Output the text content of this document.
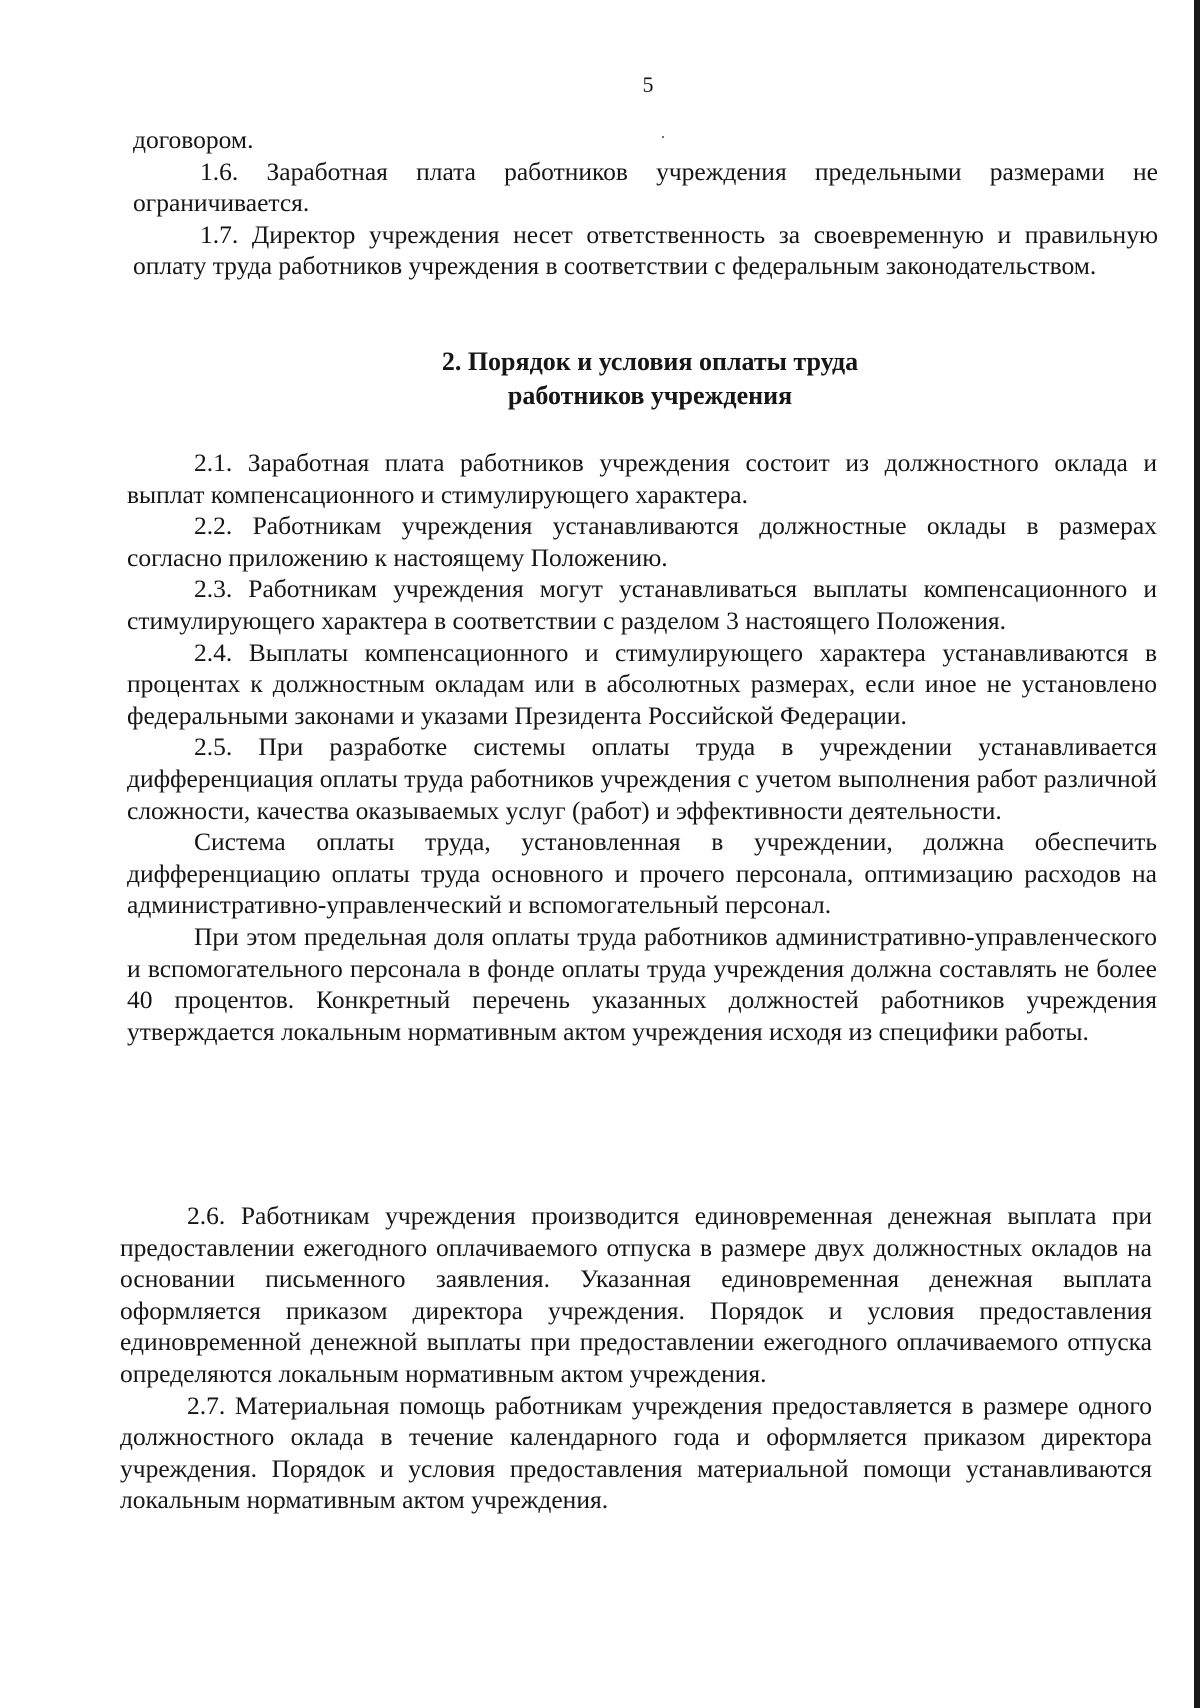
5

договором.

1.6. Заработная плата работников учреждения предельными размерами не ограничивается.

1.7. Директор учреждения несет ответственность за своевременную и правильную оплату труда работников учреждения в соответствии с федеральным законодательством.

2. Порядок и условия оплаты труда
работников учреждения

2.1. Заработная плата работников учреждения состоит из должностного оклада и выплат компенсационного и стимулирующего характера.

2.2. Работникам учреждения устанавливаются должностные оклады в размерах согласно приложению к настоящему Положению.

2.3. Работникам учреждения могут устанавливаться выплаты компенсационного и стимулирующего характера в соответствии с разделом 3 настоящего Положения.

2.4. Выплаты компенсационного и стимулирующего характера устанавливаются в процентах к должностным окладам или в абсолютных размерах, если иное не установлено федеральными законами и указами Президента Российской Федерации.

2.5. При разработке системы оплаты труда в учреждении устанавливается дифференциация оплаты труда работников учреждения с учетом выполнения работ различной сложности, качества оказываемых услуг (работ) и эффективности деятельности.

Система оплаты труда, установленная в учреждении, должна обеспечить дифференциацию оплаты труда основного и прочего персонала, оптимизацию расходов на административно-управленческий и вспомогательный персонал.

При этом предельная доля оплаты труда работников административно-управленческого и вспомогательного персонала в фонде оплаты труда учреждения должна составлять не более 40 процентов. Конкретный перечень указанных должностей работников учреждения утверждается локальным нормативным актом учреждения исходя из специфики работы.

2.6. Работникам учреждения производится единовременная денежная выплата при предоставлении ежегодного оплачиваемого отпуска в размере двух должностных окладов на основании письменного заявления. Указанная единовременная денежная выплата оформляется приказом директора учреждения. Порядок и условия предоставления единовременной денежной выплаты при предоставлении ежегодного оплачиваемого отпуска определяются локальным нормативным актом учреждения.

2.7. Материальная помощь работникам учреждения предоставляется в размере одного должностного оклада в течение календарного года и оформляется приказом директора учреждения. Порядок и условия предоставления материальной помощи устанавливаются локальным нормативным актом учреждения.
